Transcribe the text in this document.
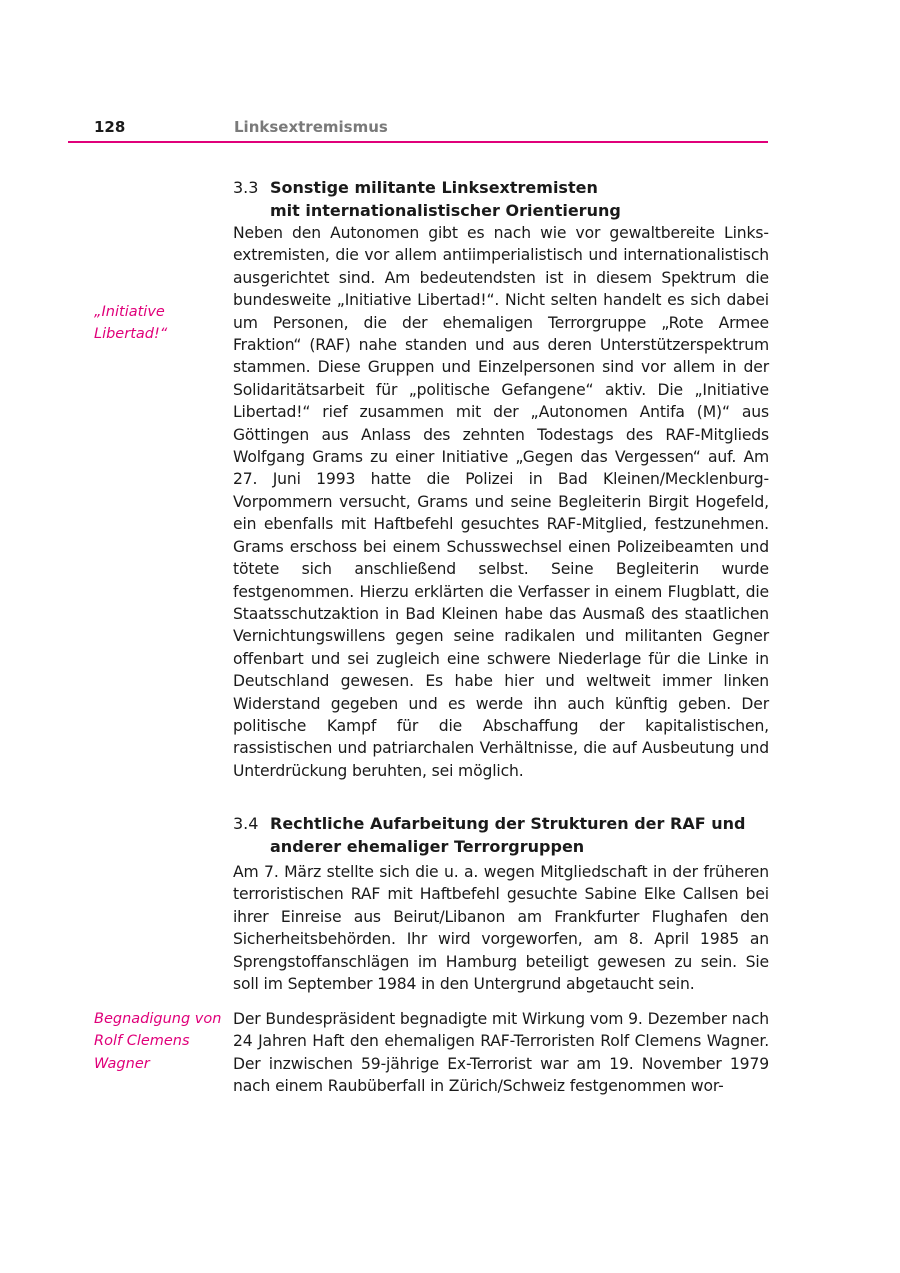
128	Linksextremismus
3.3 Sonstige militante Linksextremisten
mit internationalistischer Orientierung
„Initiative
Libertad!“

Neben den Autonomen gibt es nach wie vor gewaltbereite Linksextremisten, die vor allem antiimperialistisch und internationalistisch ausgerichtet sind. Am bedeutendsten ist in diesem Spektrum die bundesweite „Initiative Libertad!“. Nicht selten handelt es sich dabei um Personen, die der ehemaligen Terrorgruppe „Rote Armee Fraktion“ (RAF) nahe standen und aus deren Unterstützerspektrum stammen. Diese Gruppen und Einzelpersonen sind vor allem in der Solidaritätsarbeit für „politische Gefangene“ aktiv. Die „Initiative Libertad!“ rief zusammen mit der „Autonomen Antifa (M)“ aus Göttingen aus Anlass des zehnten Todestags des RAF-Mitglieds Wolfgang Grams zu einer Initiative „Gegen das Vergessen“ auf. Am 27. Juni 1993 hatte die Polizei in Bad Kleinen/Mecklenburg-Vorpommern versucht, Grams und seine Begleiterin Birgit Hogefeld, ein ebenfalls mit Haftbefehl gesuchtes RAF-Mitglied, festzunehmen. Grams erschoss bei einem Schusswechsel einen Polizeibeamten und tötete sich anschließend selbst. Seine Begleiterin wurde festgenommen. Hierzu erklärten die Verfasser in einem Flugblatt, die Staatsschutzaktion in Bad Kleinen habe das Ausmaß des staatlichen Vernichtungswillens gegen seine radikalen und militanten Gegner offenbart und sei zugleich eine schwere Niederlage für die Linke in Deutschland gewesen. Es habe hier und weltweit immer linken Widerstand gegeben und es werde ihn auch künftig geben. Der politische Kampf für die Abschaffung der kapitalistischen, rassistischen und patriarchalen Verhältnisse, die auf Ausbeutung und Unterdrückung beruhten, sei möglich.

3.4 Rechtliche Aufarbeitung der Strukturen der RAF und
anderer ehemaliger Terrorgruppen

Am 7. März stellte sich die u. a. wegen Mitgliedschaft in der früheren terroristischen RAF mit Haftbefehl gesuchte Sabine Elke Callsen bei ihrer Einreise aus Beirut/Libanon am Frankfurter Flughafen den Sicherheitsbehörden. Ihr wird vorgeworfen, am 8. April 1985 an Sprengstoffanschlägen im Hamburg beteiligt gewesen zu sein. Sie soll im September 1984 in den Untergrund abgetaucht sein.

Begnadigung von
Rolf Clemens
Wagner

Der Bundespräsident begnadigte mit Wirkung vom 9. Dezember nach 24 Jahren Haft den ehemaligen RAF-Terroristen Rolf Clemens Wagner. Der inzwischen 59-jährige Ex-Terrorist war am 19. November 1979 nach einem Raubüberfall in Zürich/Schweiz festgenommen wor-
